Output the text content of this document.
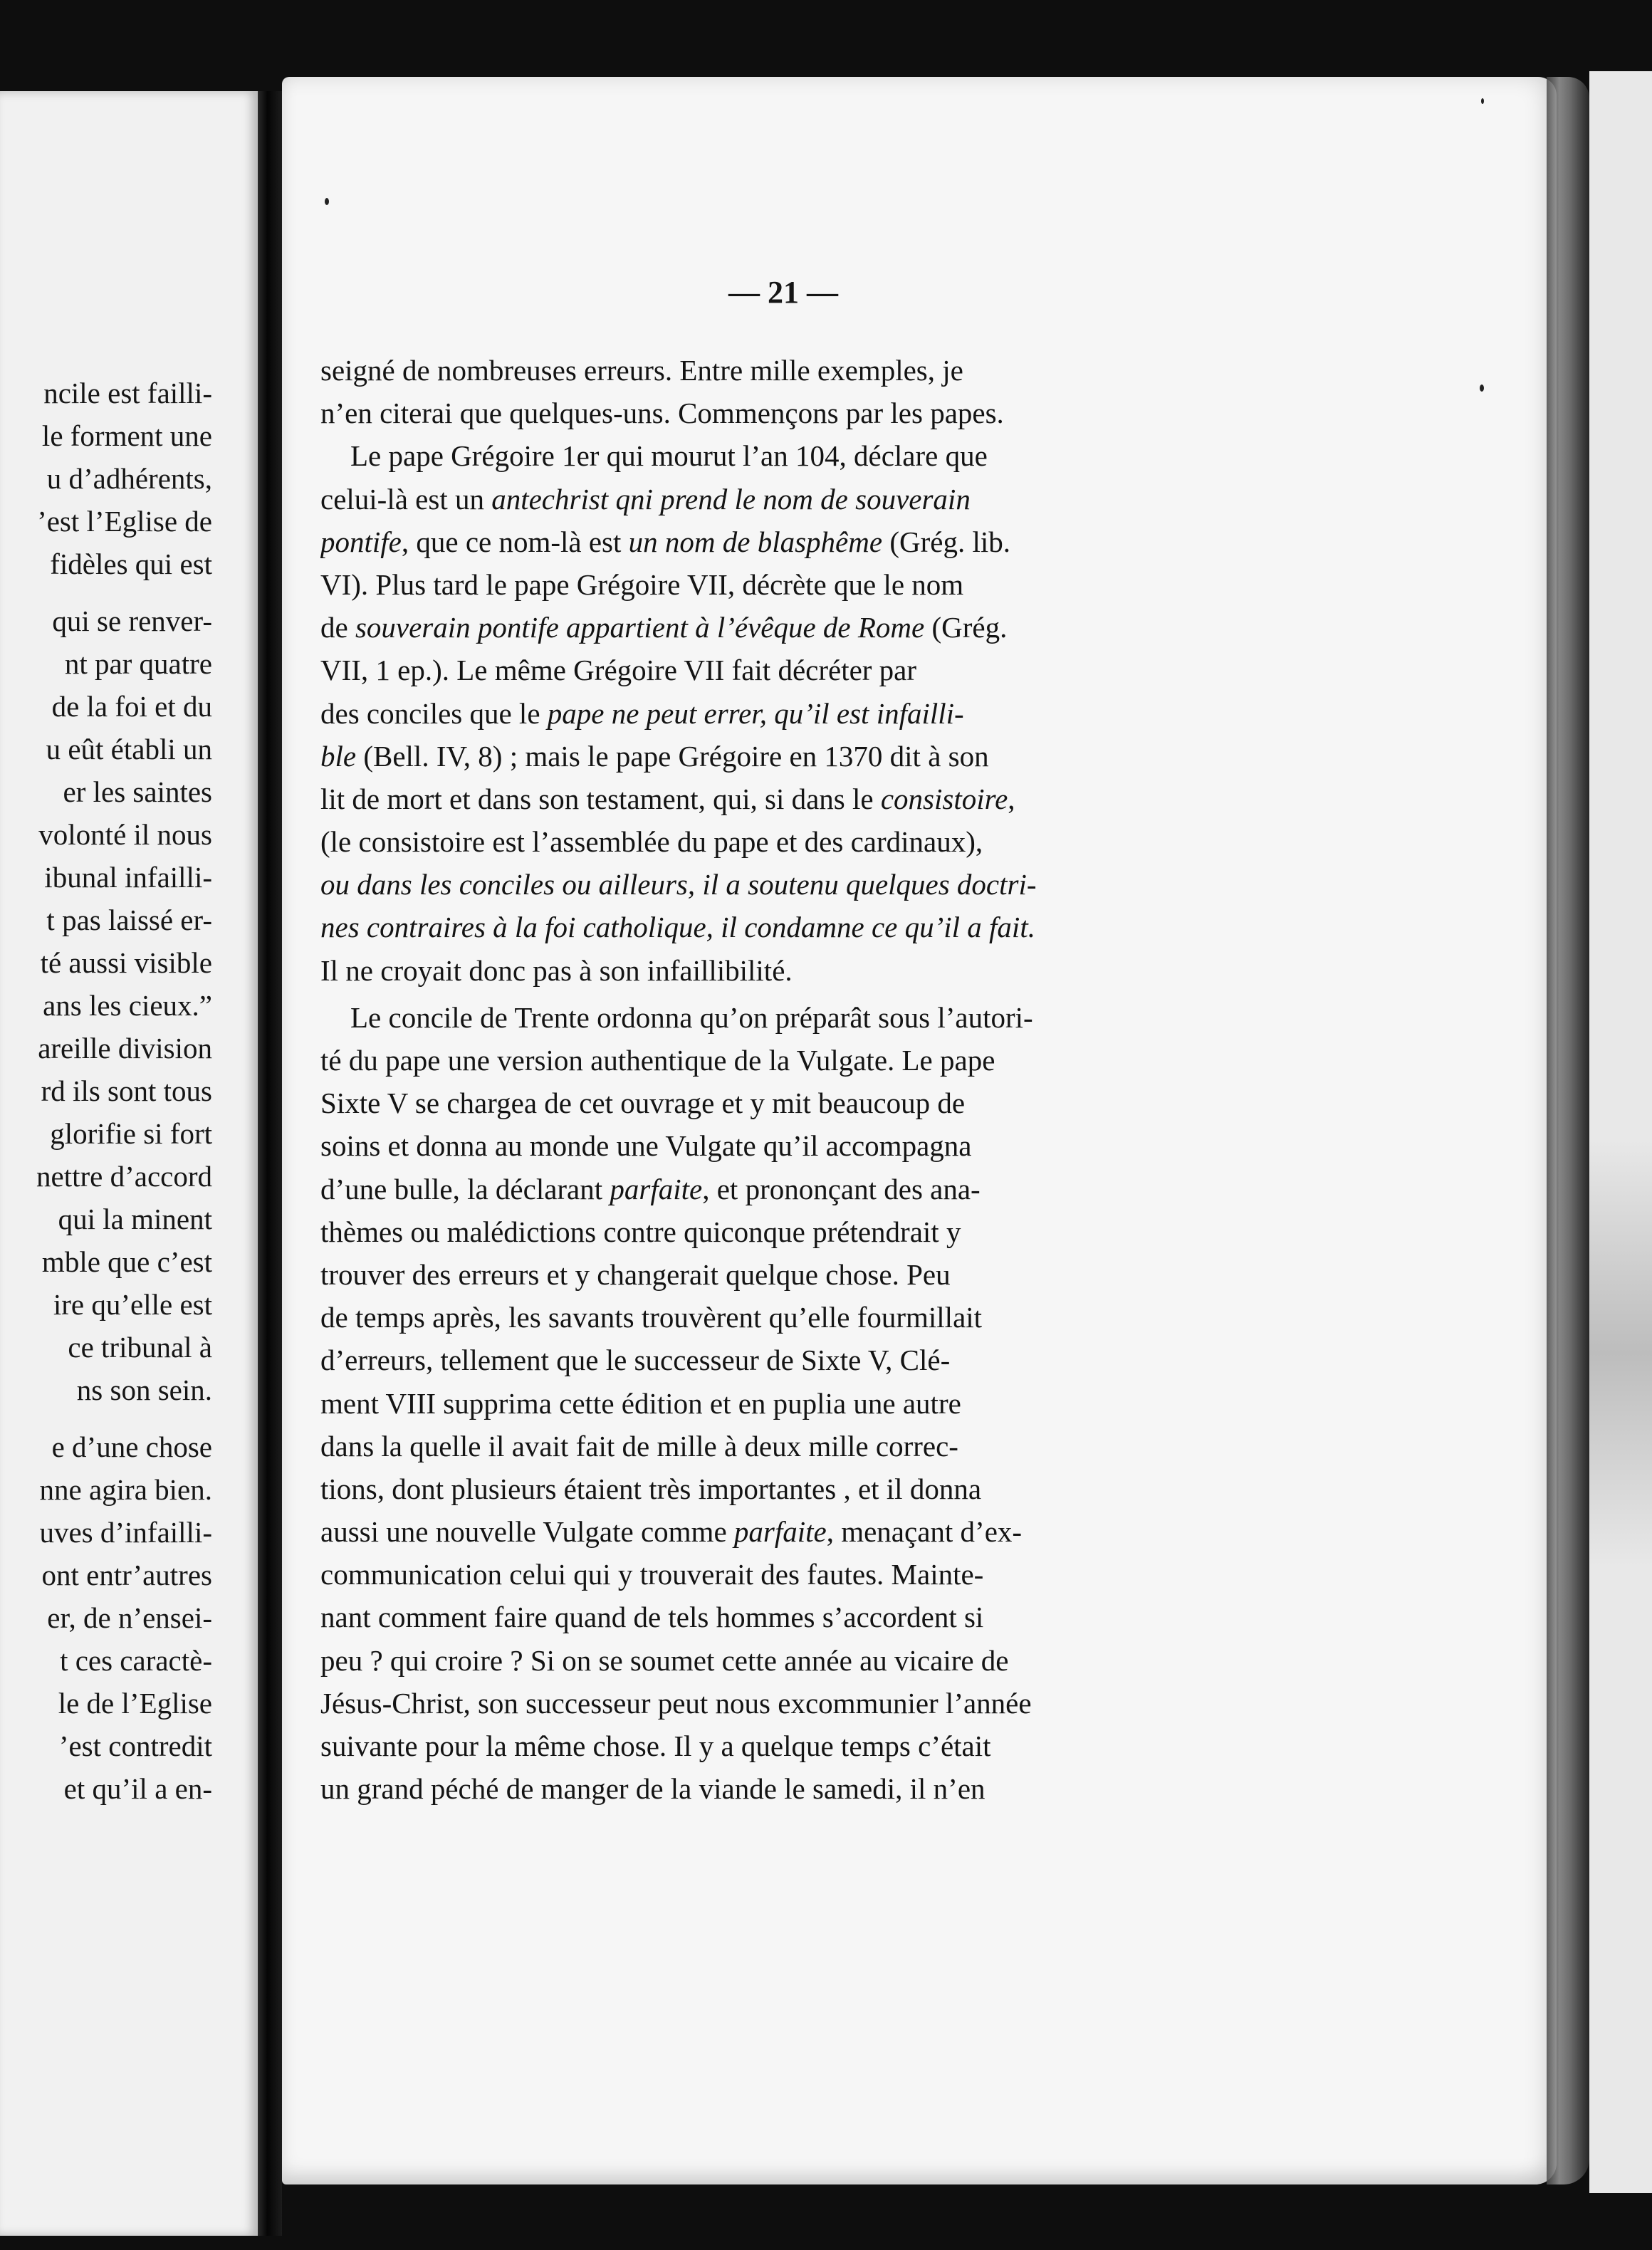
ncile est failli-
le forment une
u d’adhérents,
’est l’Eglise de
fidèles qui est
qui se renver-
nt par quatre
de la foi et du
u eût établi un
er les saintes
volonté il nous
ibunal infailli-
t pas laissé er-
té aussi visible
ans les cieux.”
areille division
rd ils sont tous
glorifie si fort
nettre d’accord
qui la minent
mble que c’est
ire qu’elle est
ce tribunal à
ns son sein.
e d’une chose
nne agira bien.
uves d’infailli-
ont entr’autres
er, de n’ensei-
t ces caractè-
le de l’Eglise
’est contredit
et qu’il a en-
— 21 —
seigné de nombreuses erreurs. Entre mille exemples, je
n’en citerai que quelques-uns. Commençons par les papes.
Le pape Grégoire 1er qui mourut l’an 104, déclare que
celui-là est un antechrist qni prend le nom de souverain
pontife, que ce nom-là est un nom de blasphême (Grég. lib.
VI). Plus tard le pape Grégoire VII, décrète que le nom
de souverain pontife appartient à l’évêque de Rome (Grég.
VII, 1 ep.). Le même Grégoire VII fait décréter par
des conciles que le pape ne peut errer, qu’il est infailli-
ble (Bell. IV, 8) ; mais le pape Grégoire en 1370 dit à son
lit de mort et dans son testament, qui, si dans le consistoire,
(le consistoire est l’assemblée du pape et des cardinaux),
ou dans les conciles ou ailleurs, il a soutenu quelques doctri-
nes contraires à la foi catholique, il condamne ce qu’il a fait.
Il ne croyait donc pas à son infaillibilité.
Le concile de Trente ordonna qu’on préparât sous l’autori-
té du pape une version authentique de la Vulgate. Le pape
Sixte V se chargea de cet ouvrage et y mit beaucoup de
soins et donna au monde une Vulgate qu’il accompagna
d’une bulle, la déclarant parfaite, et prononçant des ana-
thèmes ou malédictions contre quiconque prétendrait y
trouver des erreurs et y changerait quelque chose. Peu
de temps après, les savants trouvèrent qu’elle fourmillait
d’erreurs, tellement que le successeur de Sixte V, Clé-
ment VIII supprima cette édition et en puplia une autre
dans la quelle il avait fait de mille à deux mille correc-
tions, dont plusieurs étaient très importantes , et il donna
aussi une nouvelle Vulgate comme parfaite, menaçant d’ex-
communication celui qui y trouverait des fautes. Mainte-
nant comment faire quand de tels hommes s’accordent si
peu ? qui croire ? Si on se soumet cette année au vicaire de
Jésus-Christ, son successeur peut nous excommunier l’année
suivante pour la même chose. Il y a quelque temps c’était
un grand péché de manger de la viande le samedi, il n’en
